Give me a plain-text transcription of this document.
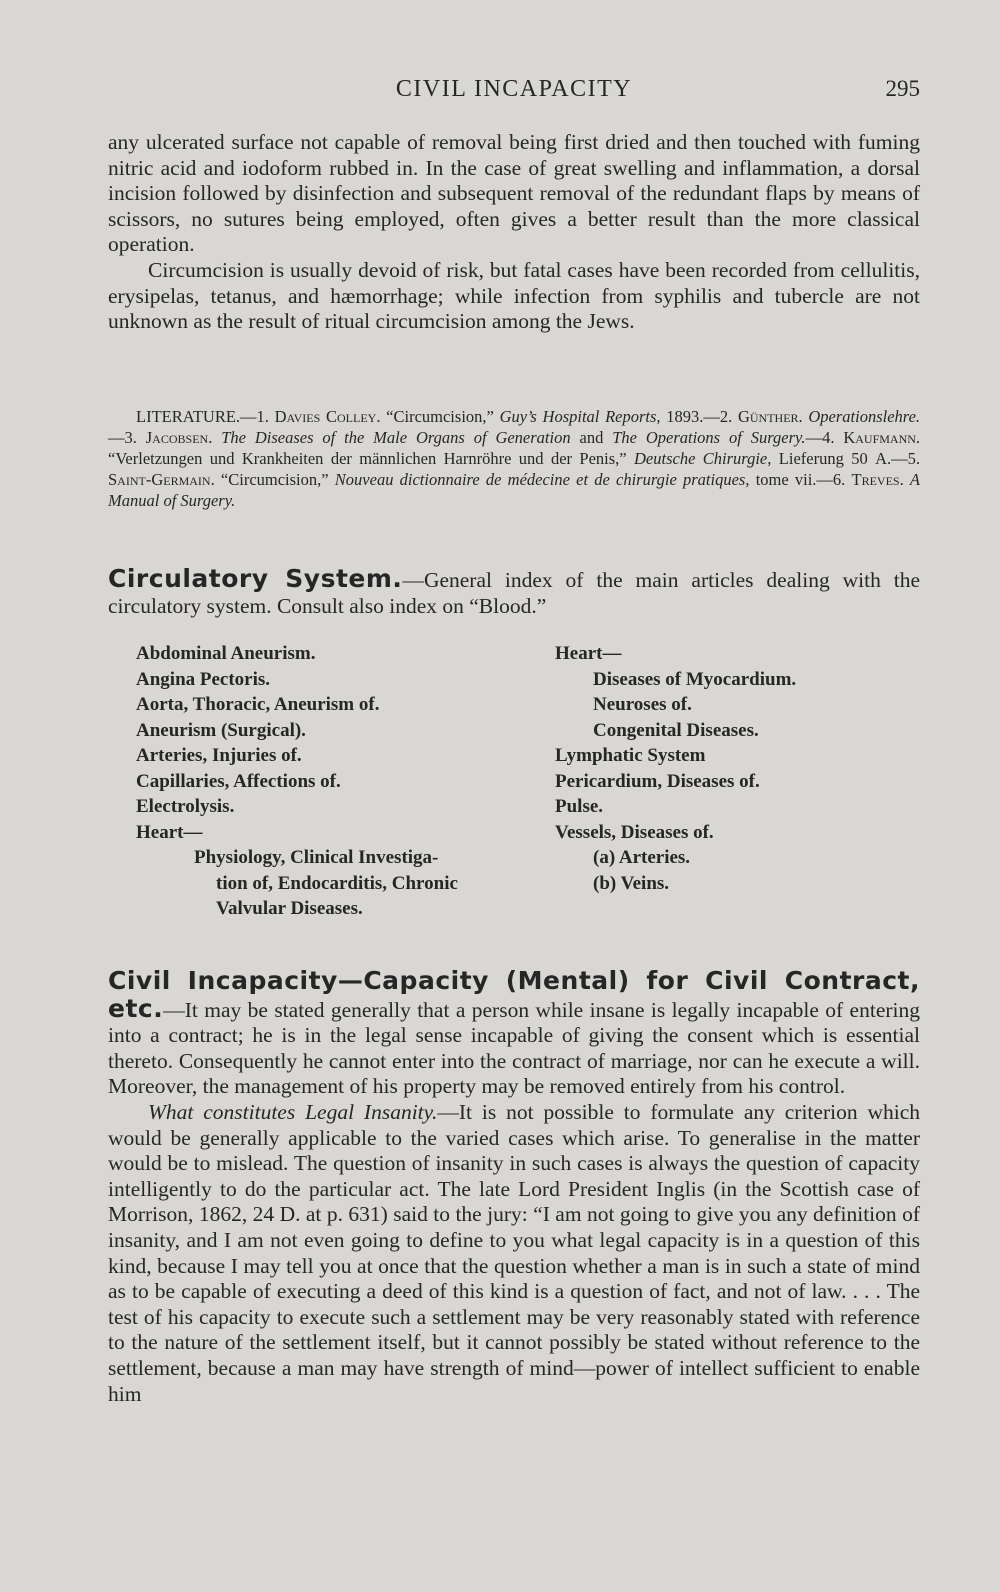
CIVIL INCAPACITY	295

any ulcerated surface not capable of removal being first dried and then touched with fuming nitric acid and iodoform rubbed in. In the case of great swelling and inflammation, a dorsal incision followed by disinfection and subsequent removal of the redundant flaps by means of scissors, no sutures being employed, often gives a better result than the more classical operation.

Circumcision is usually devoid of risk, but fatal cases have been recorded from cellulitis, erysipelas, tetanus, and hæmorrhage; while infection from syphilis and tubercle are not unknown as the result of ritual circumcision among the Jews.

LITERATURE.—1. Davies Colley. “Circumcision,” Guy’s Hospital Reports, 1893.—2. Günther. Operationslehre.—3. Jacobsen. The Diseases of the Male Organs of Generation and The Operations of Surgery.—4. Kaufmann. “Verletzungen und Krankheiten der männlichen Harnröhre und der Penis,” Deutsche Chirurgie, Lieferung 50 A.—5. Saint-Germain. “Circumcision,” Nouveau dictionnaire de médecine et de chirurgie pratiques, tome vii.—6. Treves. A Manual of Surgery.

Circulatory System.—General index of the main articles dealing with the circulatory system. Consult also index on “Blood.”

Abdominal Aneurism.
Angina Pectoris.
Aorta, Thoracic, Aneurism of.
Aneurism (Surgical).
Arteries, Injuries of.
Capillaries, Affections of.
Electrolysis.
Heart—
Physiology, Clinical Investiga-
tion of, Endocarditis, Chronic
Valvular Diseases.
Heart—
Diseases of Myocardium.
Neuroses of.
Congenital Diseases.
Lymphatic System
Pericardium, Diseases of.
Pulse.
Vessels, Diseases of.
(a) Arteries.
(b) Veins.

Civil Incapacity—Capacity (Mental) for Civil Contract, etc.—It may be stated generally that a person while insane is legally incapable of entering into a contract; he is in the legal sense incapable of giving the consent which is essential thereto. Consequently he cannot enter into the contract of marriage, nor can he execute a will. Moreover, the management of his property may be removed entirely from his control.

What constitutes Legal Insanity.—It is not possible to formulate any criterion which would be generally applicable to the varied cases which arise. To generalise in the matter would be to mislead. The question of insanity in such cases is always the question of capacity intelligently to do the particular act. The late Lord President Inglis (in the Scottish case of Morrison, 1862, 24 D. at p. 631) said to the jury: “I am not going to give you any definition of insanity, and I am not even going to define to you what legal capacity is in a question of this kind, because I may tell you at once that the question whether a man is in such a state of mind as to be capable of executing a deed of this kind is a question of fact, and not of law. . . . The test of his capacity to execute such a settlement may be very reasonably stated with reference to the nature of the settlement itself, but it cannot possibly be stated without reference to the settlement, because a man may have strength of mind—power of intellect sufficient to enable him
